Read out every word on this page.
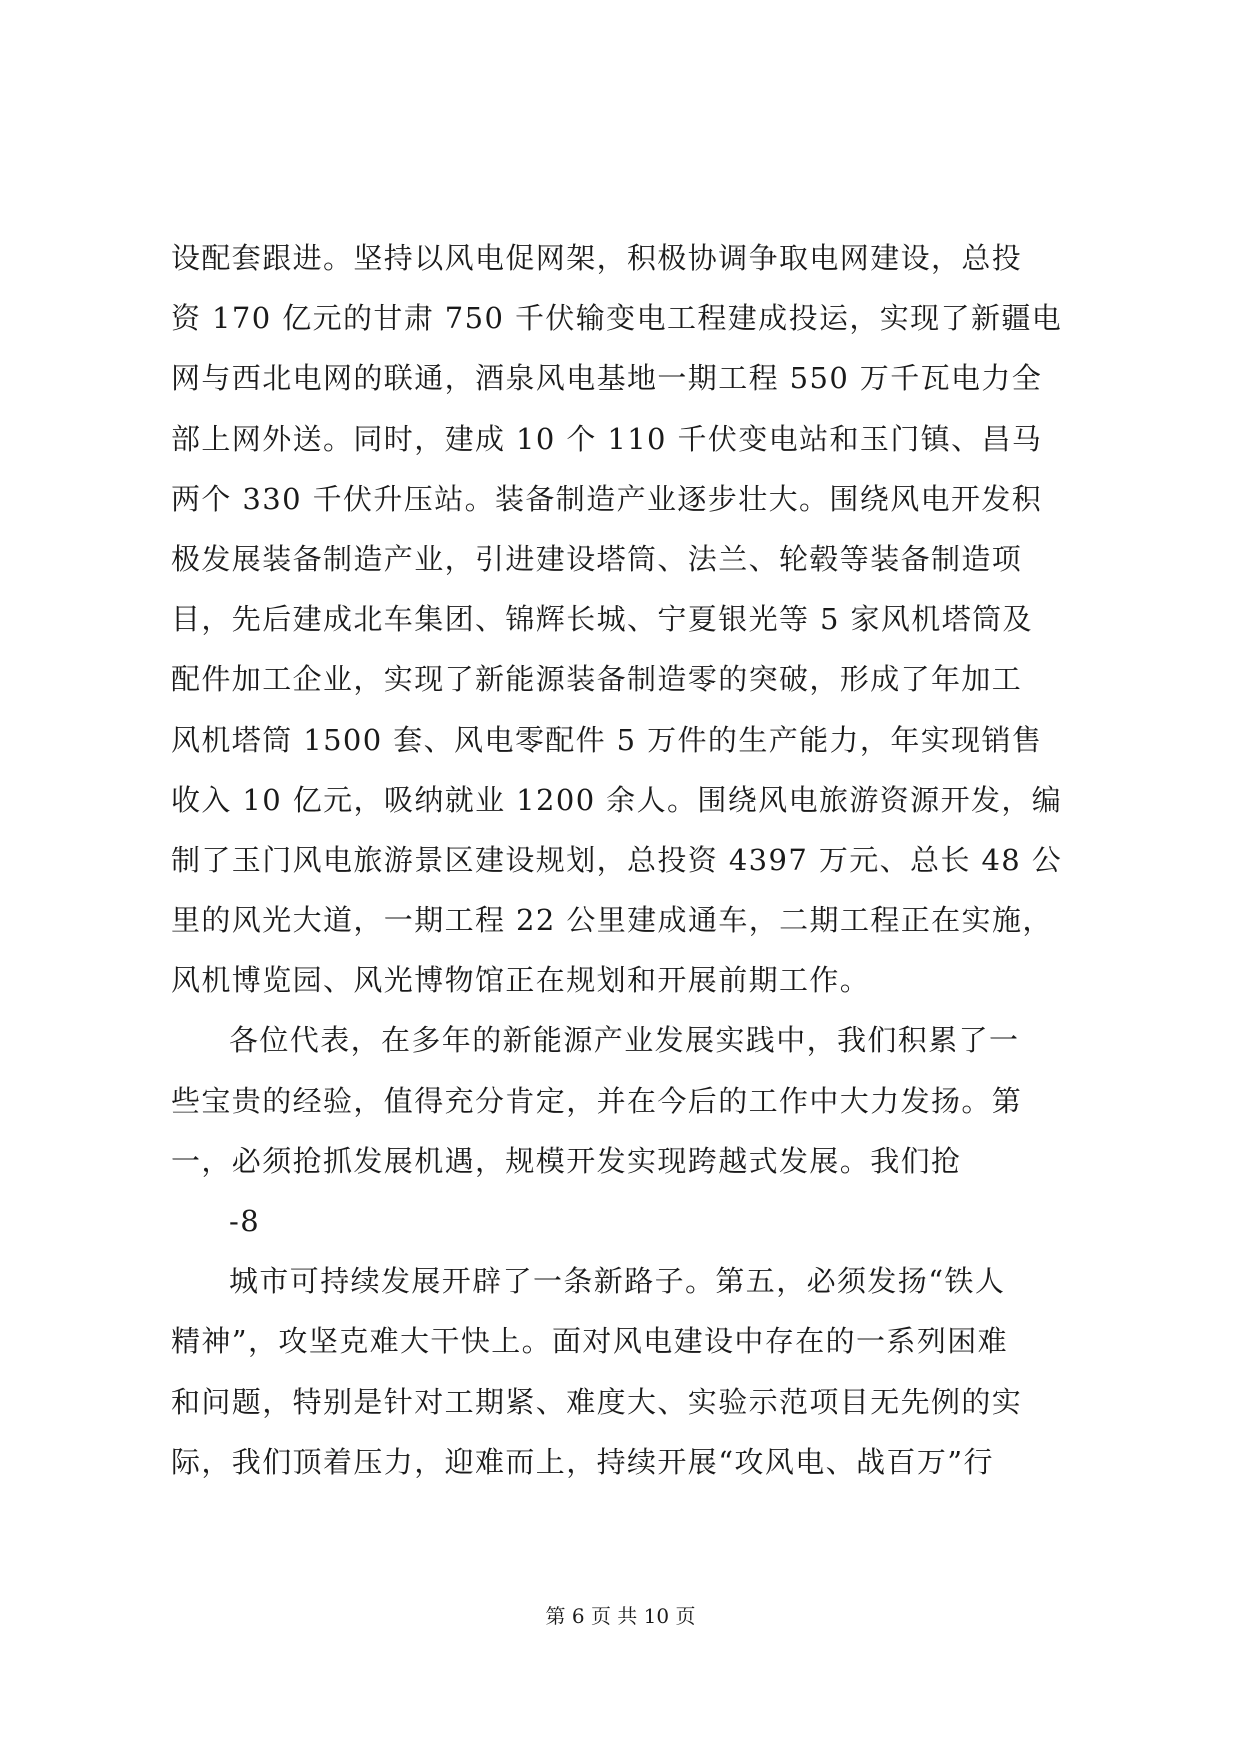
设配套跟进。坚持以风电促网架，积极协调争取电网建设，总投
资 170 亿元的甘肃 750 千伏输变电工程建成投运，实现了新疆电
网与西北电网的联通，酒泉风电基地一期工程 550 万千瓦电力全
部上网外送。同时，建成 10 个 110 千伏变电站和玉门镇、昌马
两个 330 千伏升压站。装备制造产业逐步壮大。围绕风电开发积
极发展装备制造产业，引进建设塔筒、法兰、轮毂等装备制造项
目，先后建成北车集团、锦辉长城、宁夏银光等 5 家风机塔筒及
配件加工企业，实现了新能源装备制造零的突破，形成了年加工
风机塔筒 1500 套、风电零配件 5 万件的生产能力，年实现销售
收入 10 亿元，吸纳就业 1200 余人。围绕风电旅游资源开发，编
制了玉门风电旅游景区建设规划，总投资 4397 万元、总长 48 公
里的风光大道，一期工程 22 公里建成通车，二期工程正在实施，
风机博览园、风光博物馆正在规划和开展前期工作。
各位代表，在多年的新能源产业发展实践中，我们积累了一
些宝贵的经验，值得充分肯定，并在今后的工作中大力发扬。第
一，必须抢抓发展机遇，规模开发实现跨越式发展。我们抢
-8
城市可持续发展开辟了一条新路子。第五，必须发扬“铁人
精神”，攻坚克难大干快上。面对风电建设中存在的一系列困难
和问题，特别是针对工期紧、难度大、实验示范项目无先例的实
际，我们顶着压力，迎难而上，持续开展“攻风电、战百万”行
第 6 页 共 10 页
